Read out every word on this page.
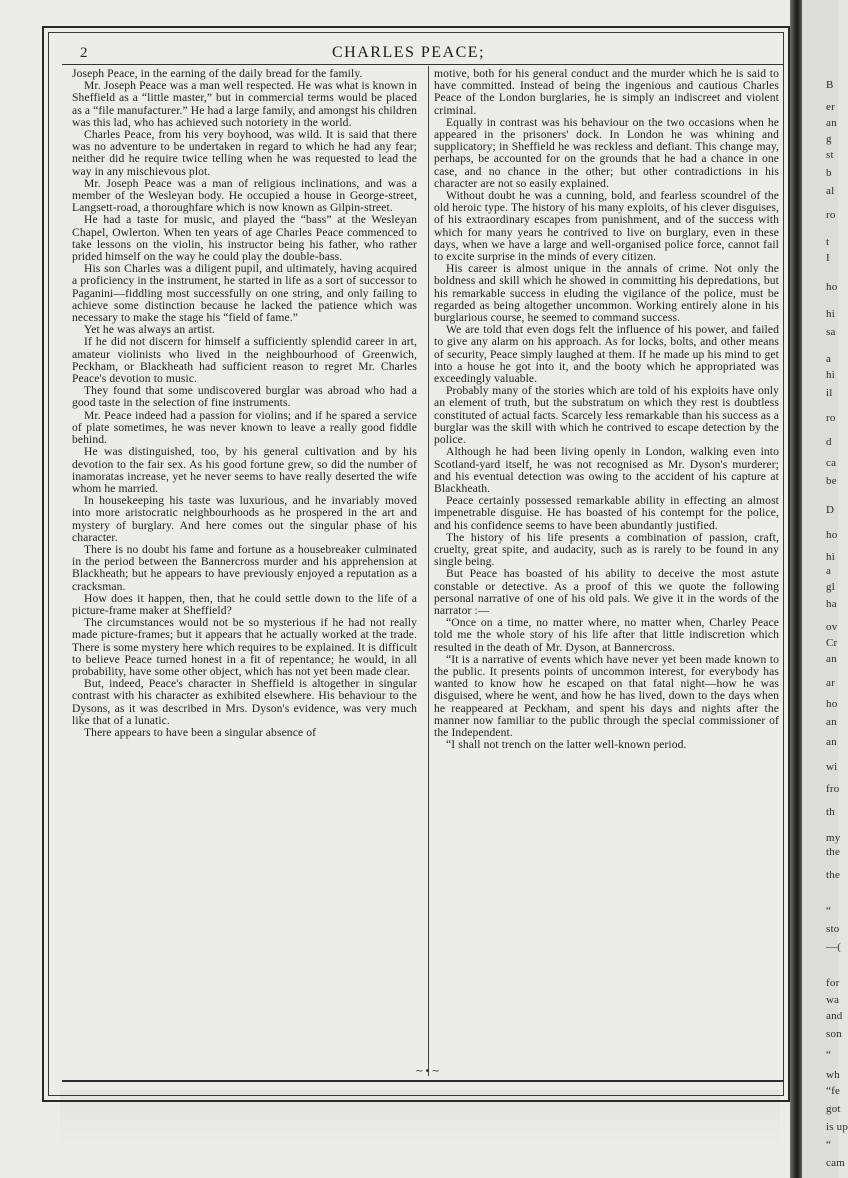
2	CHARLES PEACE;

Joseph Peace, in the earning of the daily bread for the family.

Mr. Joseph Peace was a man well respected. He was what is known in Sheffield as a “little master,” but in commercial terms would be placed as a “file manufacturer.” He had a large family, and amongst his children was this lad, who has achieved such notoriety in the world.

Charles Peace, from his very boyhood, was wild. It is said that there was no adventure to be undertaken in regard to which he had any fear; neither did he require twice telling when he was requested to lead the way in any mischievous plot.

Mr. Joseph Peace was a man of religious inclinations, and was a member of the Wesleyan body. He occupied a house in George-street, Langsett-road, a thoroughfare which is now known as Gilpin-street.

He had a taste for music, and played the “bass” at the Wesleyan Chapel, Owlerton. When ten years of age Charles Peace commenced to take lessons on the violin, his instructor being his father, who rather prided himself on the way he could play the double-bass.

His son Charles was a diligent pupil, and ultimately, having acquired a proficiency in the instrument, he started in life as a sort of successor to Paganini—fiddling most successfully on one string, and only failing to achieve some distinction because he lacked the patience which was necessary to make the stage his “field of fame.”

Yet he was always an artist.

If he did not discern for himself a sufficiently splendid career in art, amateur violinists who lived in the neighbourhood of Greenwich, Peckham, or Blackheath had sufficient reason to regret Mr. Charles Peace's devotion to music.

They found that some undiscovered burglar was abroad who had a good taste in the selection of fine instruments.

Mr. Peace indeed had a passion for violins; and if he spared a service of plate sometimes, he was never known to leave a really good fiddle behind.

He was distinguished, too, by his general cultivation and by his devotion to the fair sex. As his good fortune grew, so did the number of inamoratas increase, yet he never seems to have really deserted the wife whom he married.

In housekeeping his taste was luxurious, and he invariably moved into more aristocratic neighbourhoods as he prospered in the art and mystery of burglary. And here comes out the singular phase of his character.

There is no doubt his fame and fortune as a housebreaker culminated in the period between the Bannercross murder and his apprehension at Blackheath; but he appears to have previously enjoyed a reputation as a cracksman.

How does it happen, then, that he could settle down to the life of a picture-frame maker at Sheffield?

The circumstances would not be so mysterious if he had not really made picture-frames; but it appears that he actually worked at the trade. There is some mystery here which requires to be explained. It is difficult to believe Peace turned honest in a fit of repentance; he would, in all probability, have some other object, which has not yet been made clear.

But, indeed, Peace's character in Sheffield is altogether in singular contrast with his character as exhibited elsewhere. His behaviour to the Dysons, as it was described in Mrs. Dyson's evidence, was very much like that of a lunatic.

There appears to have been a singular absence of

motive, both for his general conduct and the murder which he is said to have committed. Instead of being the ingenious and cautious Charles Peace of the London burglaries, he is simply an indiscreet and violent criminal.

Equally in contrast was his behaviour on the two occasions when he appeared in the prisoners' dock. In London he was whining and supplicatory; in Sheffield he was reckless and defiant. This change may, perhaps, be accounted for on the grounds that he had a chance in one case, and no chance in the other; but other contradictions in his character are not so easily explained.

Without doubt he was a cunning, bold, and fearless scoundrel of the old heroic type. The history of his many exploits, of his clever disguises, of his extraordinary escapes from punishment, and of the success with which for many years he contrived to live on burglary, even in these days, when we have a large and well-organised police force, cannot fail to excite surprise in the minds of every citizen.

His career is almost unique in the annals of crime. Not only the boldness and skill which he showed in committing his depredations, but his remarkable success in eluding the vigilance of the police, must be regarded as being altogether uncommon. Working entirely alone in his burglarious course, he seemed to command success.

We are told that even dogs felt the influence of his power, and failed to give any alarm on his approach. As for locks, bolts, and other means of security, Peace simply laughed at them. If he made up his mind to get into a house he got into it, and the booty which he appropriated was exceedingly valuable.

Probably many of the stories which are told of his exploits have only an element of truth, but the substratum on which they rest is doubtless constituted of actual facts. Scarcely less remarkable than his success as a burglar was the skill with which he contrived to escape detection by the police.

Although he had been living openly in London, walking even into Scotland-yard itself, he was not recognised as Mr. Dyson's murderer; and his eventual detection was owing to the accident of his capture at Blackheath.

Peace certainly possessed remarkable ability in effecting an almost impenetrable disguise. He has boasted of his contempt for the police, and his confidence seems to have been abundantly justified.

The history of his life presents a combination of passion, craft, cruelty, great spite, and audacity, such as is rarely to be found in any single being.

But Peace has boasted of his ability to deceive the most astute constable or detective. As a proof of this we quote the following personal narrative of one of his old pals. We give it in the words of the narrator :—

“Once on a time, no matter where, no matter when, Charley Peace told me the whole story of his life after that little indiscretion which resulted in the death of Mr. Dyson, at Bannercross.

“It is a narrative of events which have never yet been made known to the public. It presents points of uncommon interest, for everybody has wanted to know how he escaped on that fatal night—how he was disguised, where he went, and how he has lived, down to the days when he reappeared at Peckham, and spent his days and nights after the manner now familiar to the public through the special commissioner of the Independent.

“I shall not trench on the latter well-known period.

~•~
B
er
an
g
st
b
al
ro
t
I
ho
hi
sa
a
hi
il
ro
d
ca
be
D
ho
hi
a
gl
ha
ov
Cr
an
ar
ho
an
an
wi
fro
th
my
the
the
“
sto
—(
for
wa
and
son
“
wh
“fe
got
is up
“
cam
